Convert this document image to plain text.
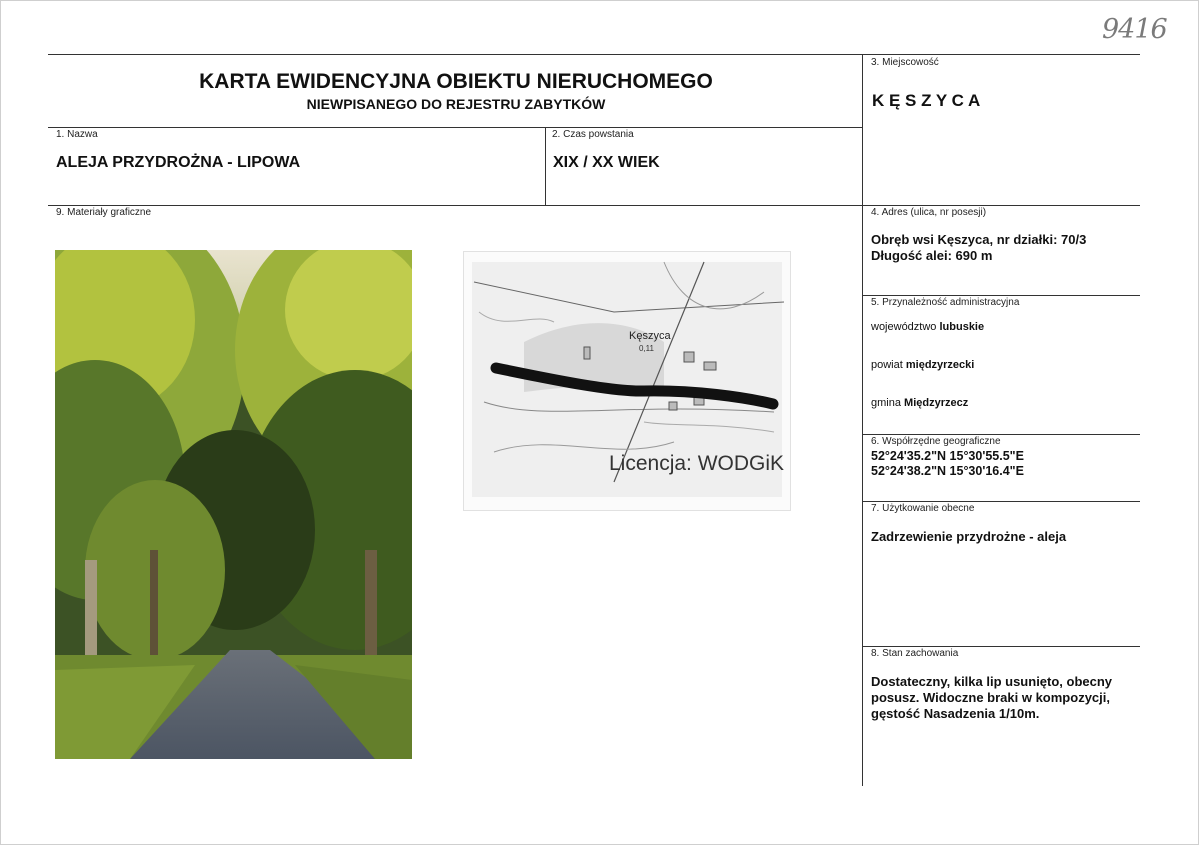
9416
KARTA EWIDENCYJNA OBIEKTU NIERUCHOMEGO
NIEWPISANEGO DO REJESTRU ZABYTKÓW
3. Miejscowość
K Ę S Z Y C A
1. Nazwa
ALEJA PRZYDROŻNA - LIPOWA
2. Czas powstania
XIX / XX WIEK
9. Materiały graficzne	4. Adres (ulica, nr posesji)
Obręb wsi Kęszyca, nr działki: 70/3
Długość alei: 690 m
5. Przynależność administracyjna
województwo lubuskie
powiat międzyrzecki
gmina Międzyrzecz
6. Współrzędne geograficzne
52°24'35.2"N 15°30'55.5"E
52°24'38.2"N 15°30'16.4"E
7. Użytkowanie obecne
Zadrzewienie przydrożne - aleja
8. Stan zachowania
Dostateczny, kilka lip usunięto, obecny
posusz. Widoczne braki w kompozycji,
gęstość Nasadzenia 1/10m.
Kęszyca
0,11
Licencja: WODGiK
